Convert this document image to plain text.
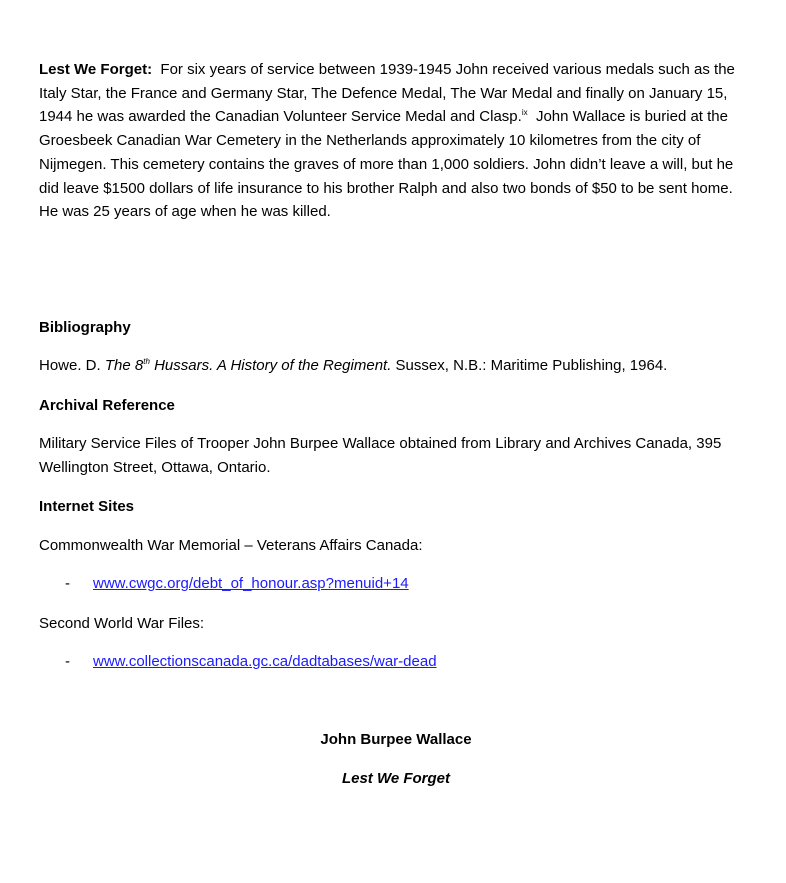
Lest We Forget: For six years of service between 1939-1945 John received various medals such as the Italy Star, the France and Germany Star, The Defence Medal, The War Medal and finally on January 15, 1944 he was awarded the Canadian Volunteer Service Medal and Clasp.$^{ix}$ John Wallace is buried at the Groesbeek Canadian War Cemetery in the Netherlands approximately 10 kilometres from the city of Nijmegen. This cemetery contains the graves of more than 1,000 soldiers. John didn’t leave a will, but he did leave $1500 dollars of life insurance to his brother Ralph and also two bonds of $50 to be sent home. He was 25 years of age when he was killed.

Bibliography

Howe. D. The 8th Hussars. A History of the Regiment. Sussex, N.B.: Maritime Publishing, 1964.

Archival Reference

Military Service Files of Trooper John Burpee Wallace obtained from Library and Archives Canada, 395

Wellington Street, Ottawa, Ontario.

Internet Sites

Commonwealth War Memorial – Veterans Affairs Canada:

- www.cwgc.org/debt_of_honour.asp?menuid+14

Second World War Files:

- www.collectionscanada.gc.ca/dadtabases/war-dead

John Burpee Wallace

Lest We Forget
